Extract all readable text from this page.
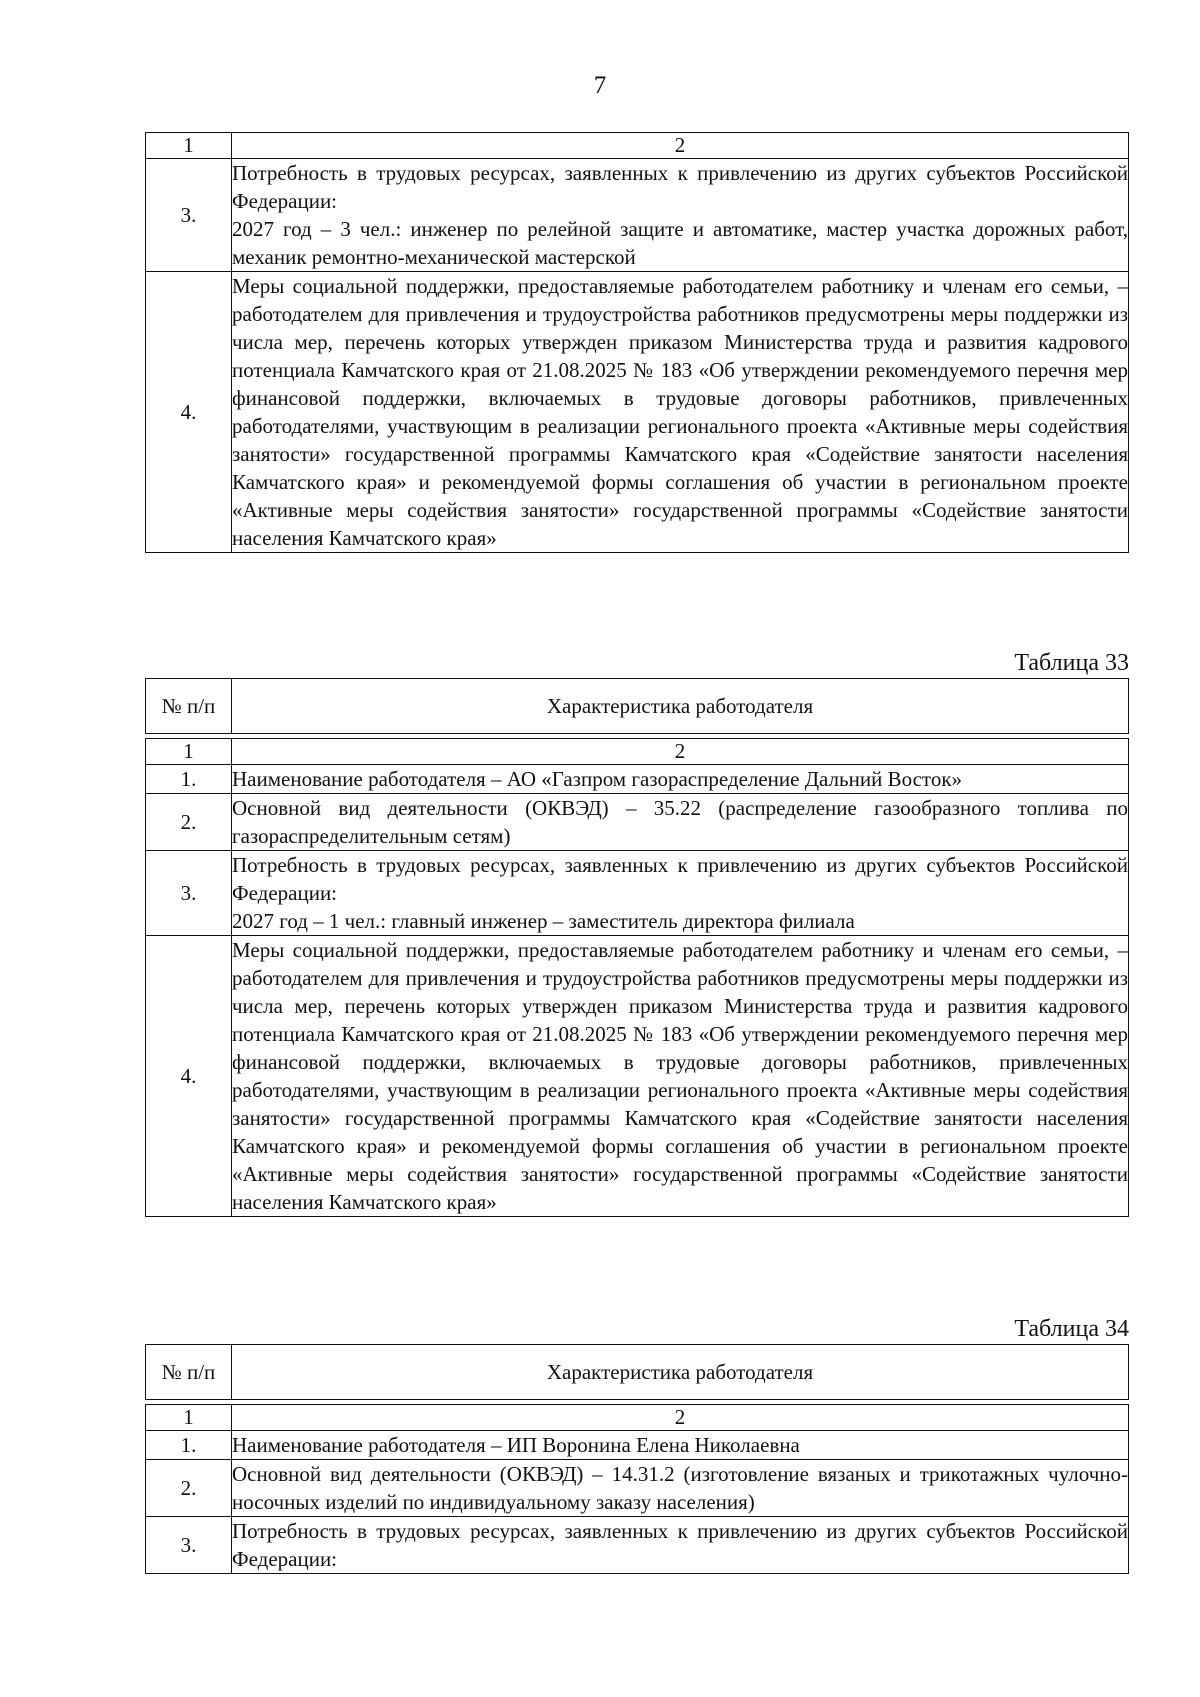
7
1	2
3.	Потребность в трудовых ресурсах, заявленных к привлечению из других субъектов Российской Федерации:
2027 год – 3 чел.: инженер по релейной защите и автоматике, мастер участка дорожных работ, механик ремонтно-механической мастерской

4.	Меры социальной поддержки, предоставляемые работодателем работнику и членам его семьи, – работодателем для привлечения и трудоустройства работников предусмотрены меры поддержки из числа мер, перечень которых утвержден приказом Министерства труда и развития кадрового потенциала Камчатского края от 21.08.2025 № 183 «Об утверждении рекомендуемого перечня мер финансовой поддержки, включаемых в трудовые договоры работников, привлеченных работодателями, участвующим в реализации регионального проекта «Активные меры содействия занятости» государственной программы Камчатского края «Содействие занятости населения Камчатского края» и рекомендуемой формы соглашения об участии в региональном проекте «Активные меры содействия занятости» государственной программы «Содействие занятости населения Камчатского края»
Таблица 33
№ п/п	Характеристика работодателя
1	2
1.	Наименование работодателя – АО «Газпром газораспределение Дальний Восток»

2.	Основной вид деятельности (ОКВЭД) – 35.22 (распределение газообразного топлива по газораспределительным сетям)

3.	Потребность в трудовых ресурсах, заявленных к привлечению из других субъектов Российской Федерации:
2027 год – 1 чел.: главный инженер – заместитель директора филиала

4.	Меры социальной поддержки, предоставляемые работодателем работнику и членам его семьи, – работодателем для привлечения и трудоустройства работников предусмотрены меры поддержки из числа мер, перечень которых утвержден приказом Министерства труда и развития кадрового потенциала Камчатского края от 21.08.2025 № 183 «Об утверждении рекомендуемого перечня мер финансовой поддержки, включаемых в трудовые договоры работников, привлеченных работодателями, участвующим в реализации регионального проекта «Активные меры содействия занятости» государственной программы Камчатского края «Содействие занятости населения Камчатского края» и рекомендуемой формы соглашения об участии в региональном проекте «Активные меры содействия занятости» государственной программы «Содействие занятости населения Камчатского края»
Таблица 34
№ п/п	Характеристика работодателя
1	2
1.	Наименование работодателя – ИП Воронина Елена Николаевна

2.	Основной вид деятельности (ОКВЭД) – 14.31.2 (изготовление вязаных и трикотажных чулочно-носочных изделий по индивидуальному заказу населения)

3.	Потребность в трудовых ресурсах, заявленных к привлечению из других субъектов Российской Федерации:
